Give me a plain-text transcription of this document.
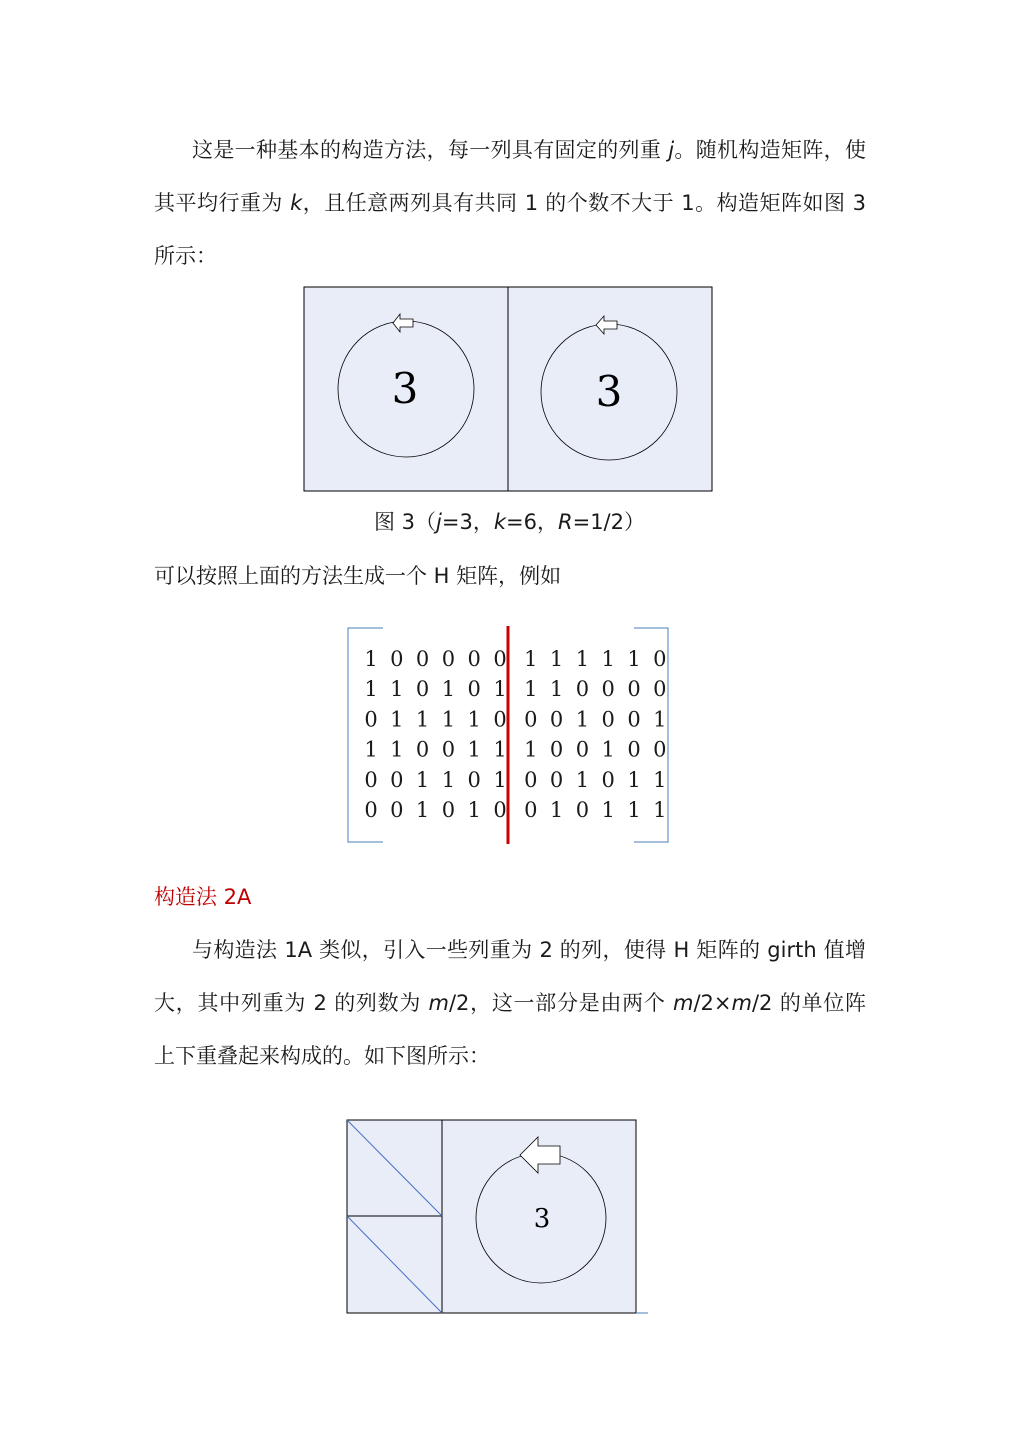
这是一种基本的构造方法，每一列具有固定的列重 j。随机构造矩阵，使其平均行重为 k，且任意两列具有共同 1 的个数不大于 1。构造矩阵如图 3 所示：

3	3
图 3（j=3，k=6，R=1/2）

可以按照上面的方法生成一个 H 矩阵，例如

1 0 0 0 0 0 1 1 1 1 1 0
1 1 0 1 0 1 1 1 0 0 0 0
0 1 1 1 1 0 0 0 1 0 0 1
1 1 0 0 1 1 1 0 0 1 0 0
0 0 1 1 0 1 0 0 1 0 1 1
0 0 1 0 1 0 0 1 0 1 1 1
构造法 2A

与构造法 1A 类似，引入一些列重为 2 的列，使得 H 矩阵的 girth 值增大，其中列重为 2 的列数为 m/2，这一部分是由两个 m/2×m/2 的单位阵上下重叠起来构成的。如下图所示：

3
